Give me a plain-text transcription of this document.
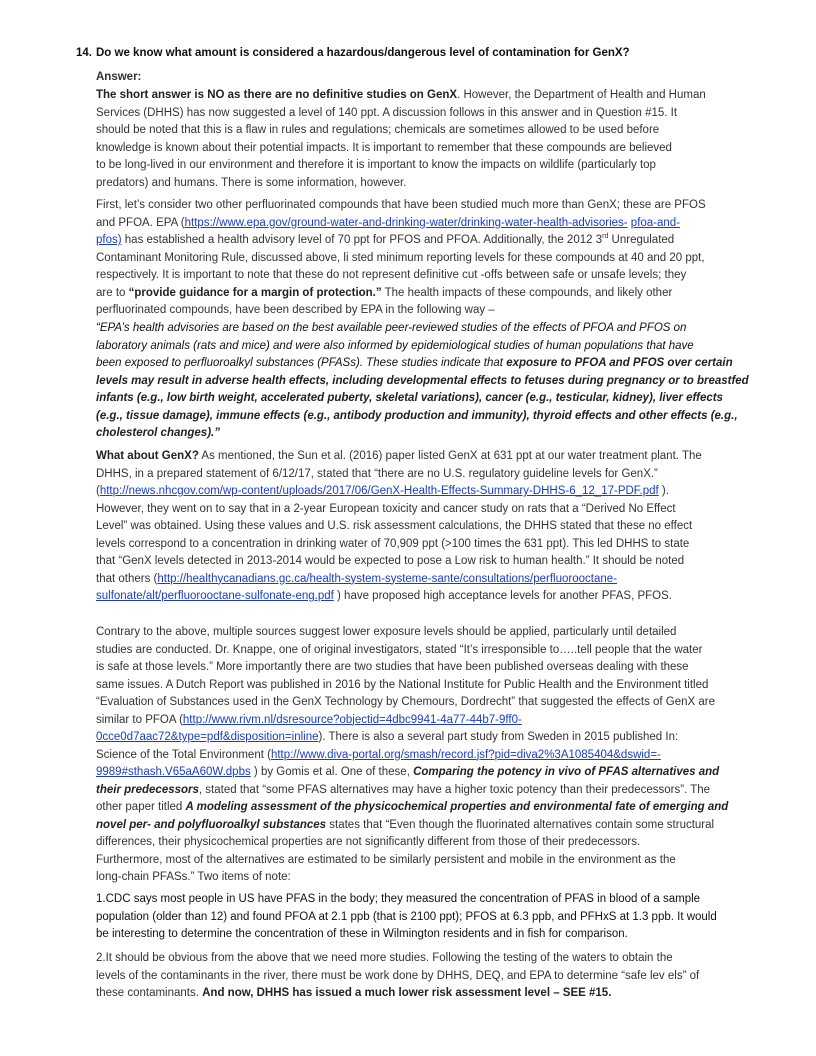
14. Do we know what amount is considered a hazardous/dangerous level of contamination for GenX?
Answer:
The short answer is NO as there are no definitive studies on GenX. However, the Department of Health and Human
Services (DHHS) has now suggested a level of 140 ppt. A discussion follows in this answer and in Question #15. It
should be noted that this is a flaw in rules and regulations; chemicals are sometimes allowed to be used before
knowledge is known about their potential impacts. It is important to remember that these compounds are believed
to be long-lived in our environment and therefore it is important to know the impacts on wildlife (particularly top
predators) and humans. There is some information, however.
First, let’s consider two other perfluorinated compounds that have been studied much more than GenX; these are PFOS
and PFOA. EPA (https://www.epa.gov/ground-water-and-drinking-water/drinking-water-health-advisories- pfoa-and-
pfos) has established a health advisory level of 70 ppt for PFOS and PFOA. Additionally, the 2012 3rd Unregulated
Contaminant Monitoring Rule, discussed above, li sted minimum reporting levels for these compounds at 40 and 20 ppt,
respectively. It is important to note that these do not represent definitive cut -offs between safe or unsafe levels; they
are to “provide guidance for a margin of protection.” The health impacts of these compounds, and likely other
perfluorinated compounds, have been described by EPA in the following way –
“EPA’s health advisories are based on the best available peer-reviewed studies of the effects of PFOA and PFOS on
laboratory animals (rats and mice) and were also informed by epidemiological studies of human populations that have
been exposed to perfluoroalkyl substances (PFASs). These studies indicate that exposure to PFOA and PFOS over certain
levels may result in adverse health effects, including developmental effects to fetuses during pregnancy or to breastfed
infants (e.g., low birth weight, accelerated puberty, skeletal variations), cancer (e.g., testicular, kidney), liver effects
(e.g., tissue damage), immune effects (e.g., antibody production and immunity), thyroid effects and other effects (e.g.,
cholesterol changes).”
What about GenX? As mentioned, the Sun et al. (2016) paper listed GenX at 631 ppt at our water treatment plant. The
DHHS, in a prepared statement of 6/12/17, stated that “there are no U.S. regulatory guideline levels for GenX.”
(http://news.nhcgov.com/wp-content/uploads/2017/06/GenX-Health-Effects-Summary-DHHS-6_12_17-PDF.pdf ).
However, they went on to say that in a 2-year European toxicity and cancer study on rats that a “Derived No Effect
Level” was obtained. Using these values and U.S. risk assessment calculations, the DHHS stated that these no effect
levels correspond to a concentration in drinking water of 70,909 ppt (>100 times the 631 ppt). This led DHHS to state
that “GenX levels detected in 2013-2014 would be expected to pose a Low risk to human health.” It should be noted
that others (http://healthycanadians.gc.ca/health-system-systeme-sante/consultations/perfluorooctane-
sulfonate/alt/perfluorooctane-sulfonate-eng.pdf ) have proposed high acceptance levels for another PFAS, PFOS.
Contrary to the above, multiple sources suggest lower exposure levels should be applied, particularly until detailed
studies are conducted. Dr. Knappe, one of original investigators, stated “It’s irresponsible to…..tell people that the water
is safe at those levels.” More importantly there are two studies that have been published overseas dealing with these
same issues. A Dutch Report was published in 2016 by the National Institute for Public Health and the Environment titled
“Evaluation of Substances used in the GenX Technology by Chemours, Dordrecht” that suggested the effects of GenX are
similar to PFOA (http://www.rivm.nl/dsresource?objectid=4dbc9941-4a77-44b7-9ff0-
0cce0d7aac72&type=pdf&disposition=inline). There is also a several part study from Sweden in 2015 published In:
Science of the Total Environment (http://www.diva-portal.org/smash/record.jsf?pid=diva2%3A1085404&dswid=-
9989#sthash.V65aA60W.dpbs ) by Gomis et al. One of these, Comparing the potency in vivo of PFAS alternatives and
their predecessors, stated that “some PFAS alternatives may have a higher toxic potency than their predecessors”. The
other paper titled A modeling assessment of the physicochemical properties and environmental fate of emerging and
novel per- and polyfluoroalkyl substances states that “Even though the fluorinated alternatives contain some structural
differences, their physicochemical properties are not significantly different from those of their predecessors.
Furthermore, most of the alternatives are estimated to be similarly persistent and mobile in the environment as the
long-chain PFASs.” Two items of note:
1.CDC says most people in US have PFAS in the body; they measured the concentration of PFAS in blood of a sample
population (older than 12) and found PFOA at 2.1 ppb (that is 2100 ppt); PFOS at 6.3 ppb, and PFHxS at 1.3 ppb. It would
be interesting to determine the concentration of these in Wilmington residents and in fish for comparison.
2.It should be obvious from the above that we need more studies. Following the testing of the waters to obtain the
levels of the contaminants in the river, there must be work done by DHHS, DEQ, and EPA to determine “safe lev els” of
these contaminants. And now, DHHS has issued a much lower risk assessment level – SEE #15.
